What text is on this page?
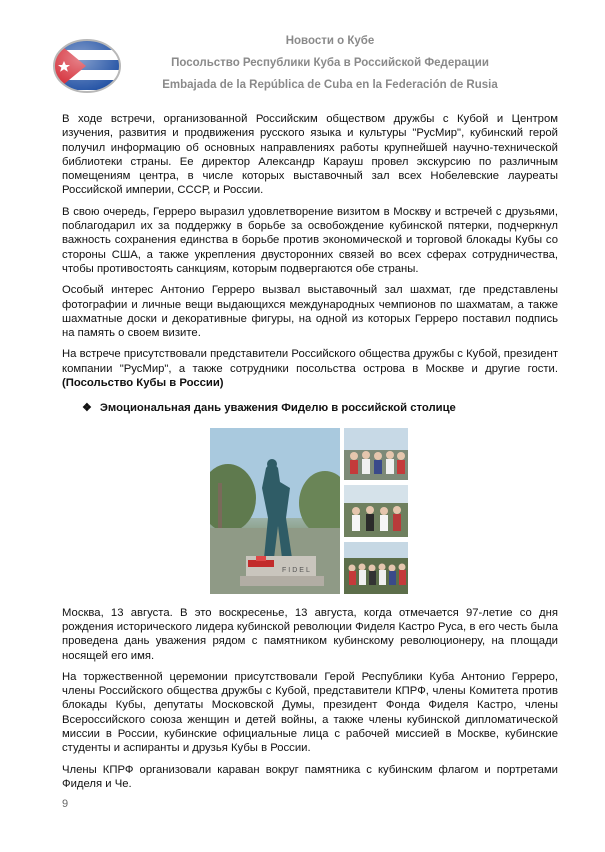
Новости о Кубе
Посольство Республики Куба в Российской Федерации
Embajada de la República de Cuba en la Federación de Rusia

В ходе встречи, организованной Российским обществом дружбы с Кубой и Центром изучения, развития и продвижения русского языка и культуры "РусМир", кубинский герой получил информацию об основных направлениях работы крупнейшей научно-технической библиотеки страны. Ее директор Александр Карауш провел экскурсию по различным помещениям центра, в числе которых выставочный зал всех Нобелевские лауреаты Российской империи, СССР, и России.

В свою очередь, Герреро выразил удовлетворение визитом в Москву и встречей с друзьями, поблагодарил их за поддержку в борьбе за освобождение кубинской пятерки, подчеркнул важность сохранения единства в борьбе против экономической и торговой блокады Кубы со стороны США, а также укрепления двусторонних связей во всех сферах сотрудничества, чтобы противостоять санкциям, которым подвергаются обе страны.

Особый интерес Антонио Герреро вызвал выставочный зал шахмат, где представлены фотографии и личные вещи выдающихся международных чемпионов по шахматам, а также шахматные доски и декоративные фигуры, на одной из которых Герреро поставил подпись на память о своем визите.

На встрече присутствовали представители Российского общества дружбы с Кубой, президент компании "РусМир", а также сотрудники посольства острова в Москве и другие гости. (Посольство Кубы в России)

❖ Эмоциональная дань уважения Фиделю в российской столице
FIDEL

Москва, 13 августа. В это воскресенье, 13 августа, когда отмечается 97-летие со дня рождения исторического лидера кубинской революции Фиделя Кастро Руса, в его честь была проведена дань уважения рядом с памятником кубинскому революционеру, на площади носящей его имя.

На торжественной церемонии присутствовали Герой Республики Куба Антонио Герреро, члены Российского общества дружбы с Кубой, представители КПРФ, члены Комитета против блокады Кубы, депутаты Московской Думы, президент Фонда Фиделя Кастро, члены Всероссийского союза женщин и детей войны, а также члены кубинской дипломатической миссии в России, кубинские официальные лица с рабочей миссией в Москве, кубинские студенты и аспиранты и друзья Кубы в России.

Члены КПРФ организовали караван вокруг памятника с кубинским флагом и портретами Фиделя и Че.

9
